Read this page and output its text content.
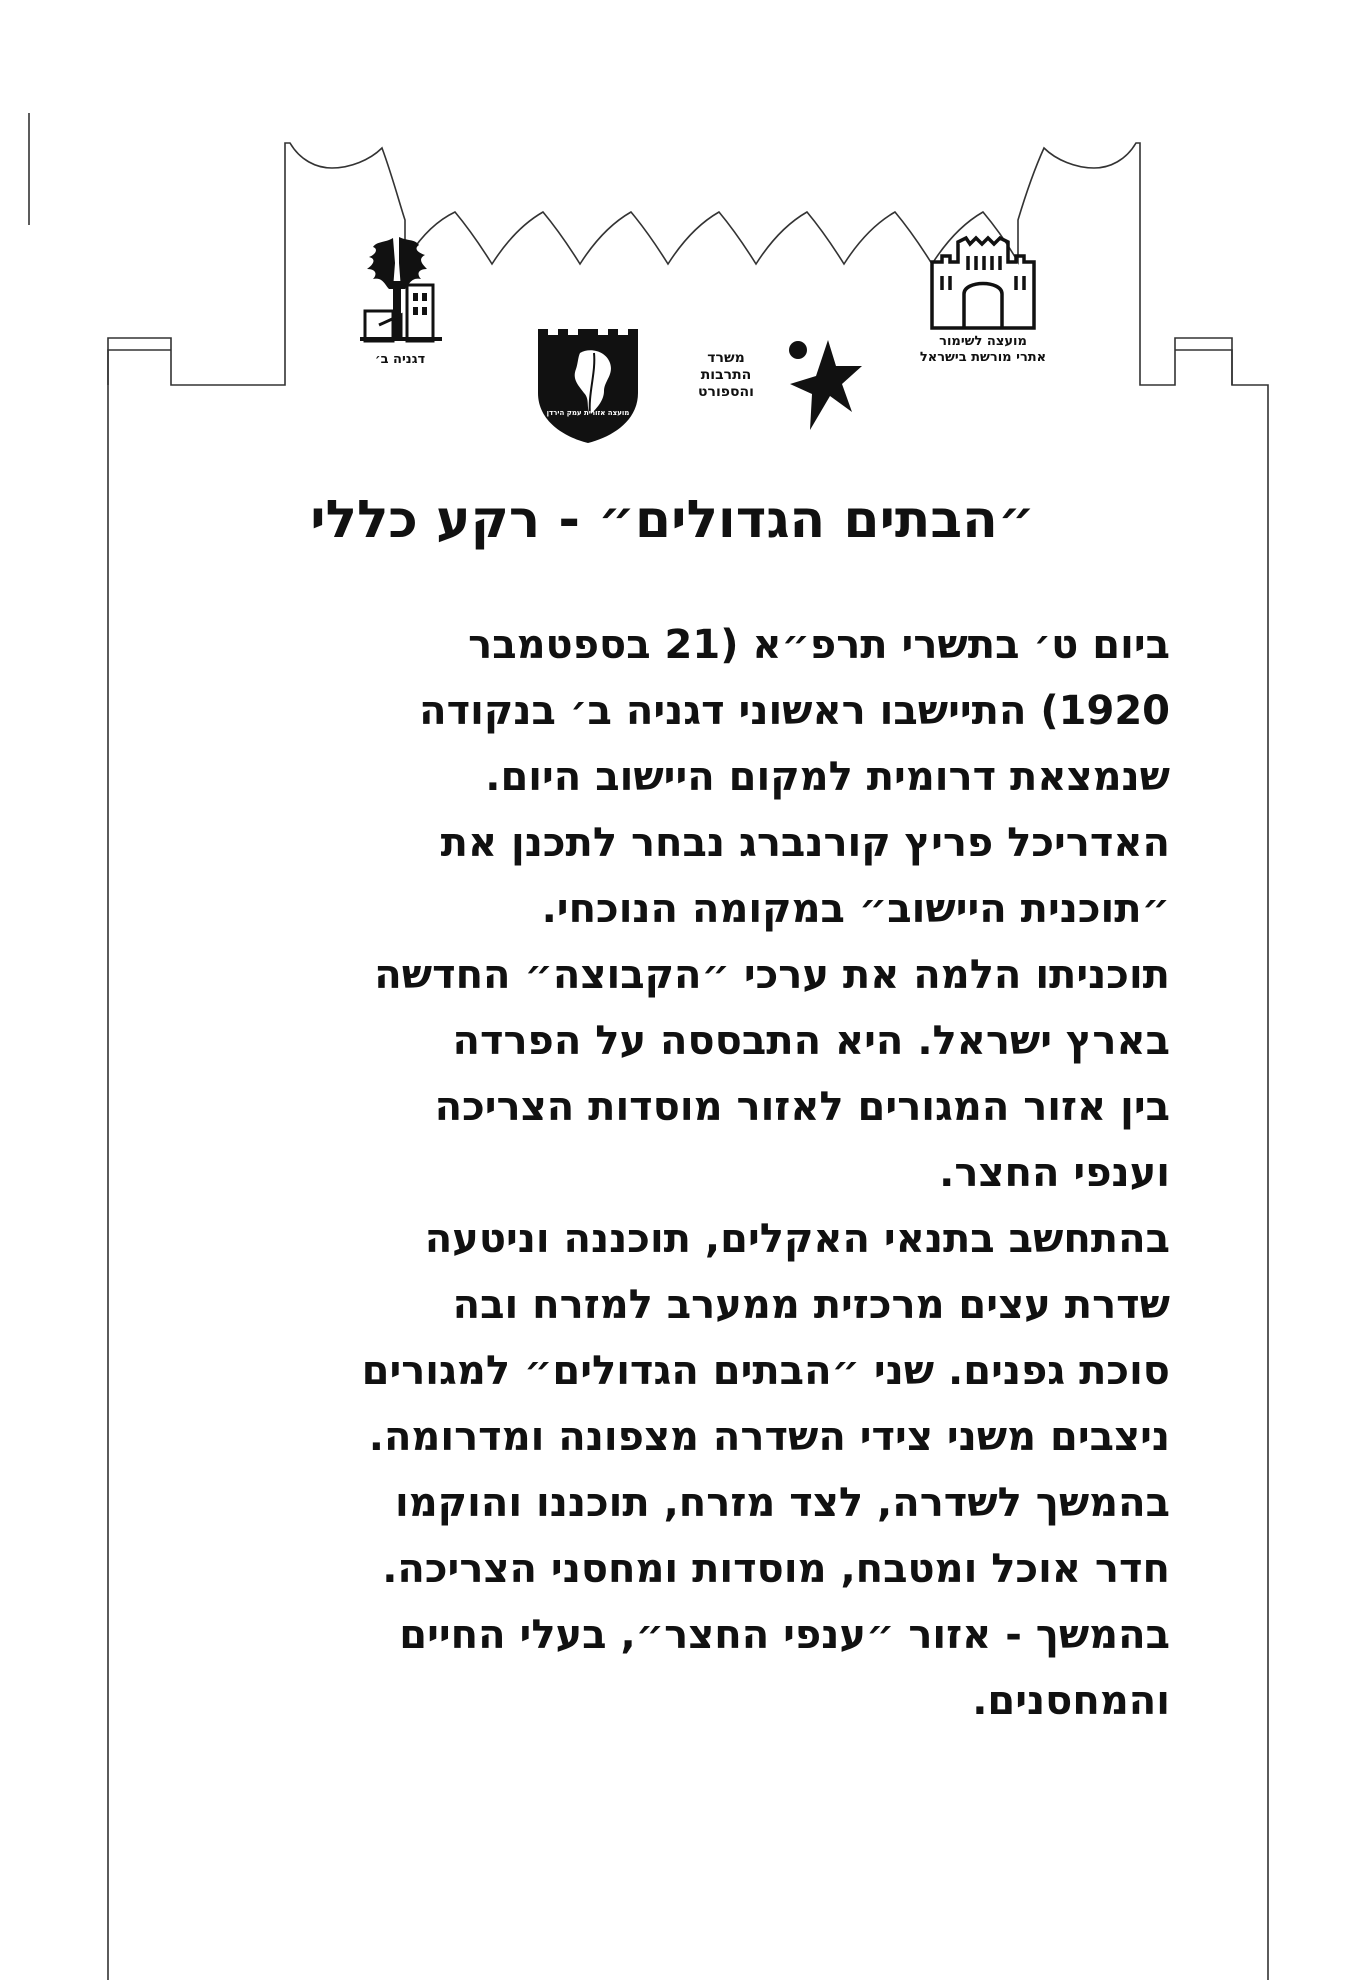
דגניה ב׳
מועצה אזורית עמק הירדן
משרד
התרבות
והספורט
מועצה לשימור
אתרי מורשת בישראל
״הבתים הגדולים״ - רקע כללי
ביום ט׳ בתשרי תרפ״א (21 בספטמבר
1920) התיישבו ראשוני דגניה ב׳ בנקודה
שנמצאת דרומית למקום היישוב היום.
האדריכל פריץ קורנברג נבחר לתכנן את
״תוכנית היישוב״ במקומה הנוכחי.
תוכניתו הלמה את ערכי ״הקבוצה״ החדשה
בארץ ישראל. היא התבססה על הפרדה
בין אזור המגורים לאזור מוסדות הצריכה
וענפי החצר.
בהתחשב בתנאי האקלים, תוכננה וניטעה
שדרת עצים מרכזית ממערב למזרח ובה
סוכת גפנים. שני ״הבתים הגדולים״ למגורים
ניצבים משני צידי השדרה מצפונה ומדרומה.
בהמשך לשדרה, לצד מזרח, תוכננו והוקמו
חדר אוכל ומטבח, מוסדות ומחסני הצריכה.
בהמשך - אזור ״ענפי החצר״, בעלי החיים
והמחסנים.
